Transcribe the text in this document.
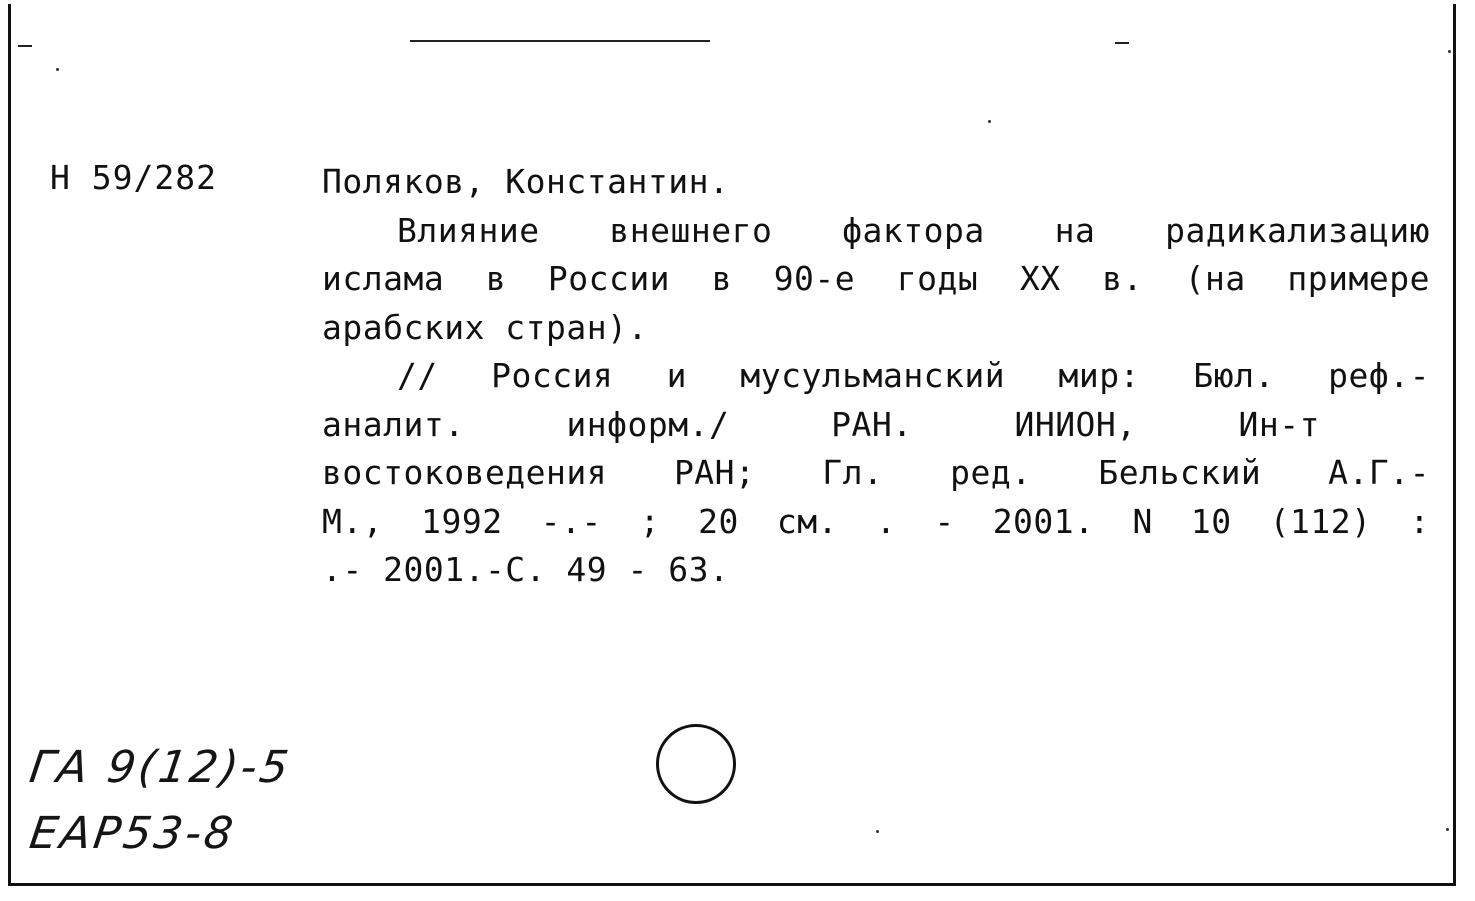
Н 59/282	Поляков, Константин.
Влияние внешнего фактора на радикализацию
ислама в России в 90-е годы XX в. (на примере
арабских стран).
// Россия и мусульманский мир: Бюл. реф.-
аналит.	информ./	РАН.	ИНИОН,	Ин-т
востоковедения РАН; Гл. ред. Бельский А.Г.-
М., 1992 -.- ; 20 см. . - 2001. N 10 (112) :
.- 2001.-С. 49 - 63.
ГА 9(12)-5
ЕАР53-8
